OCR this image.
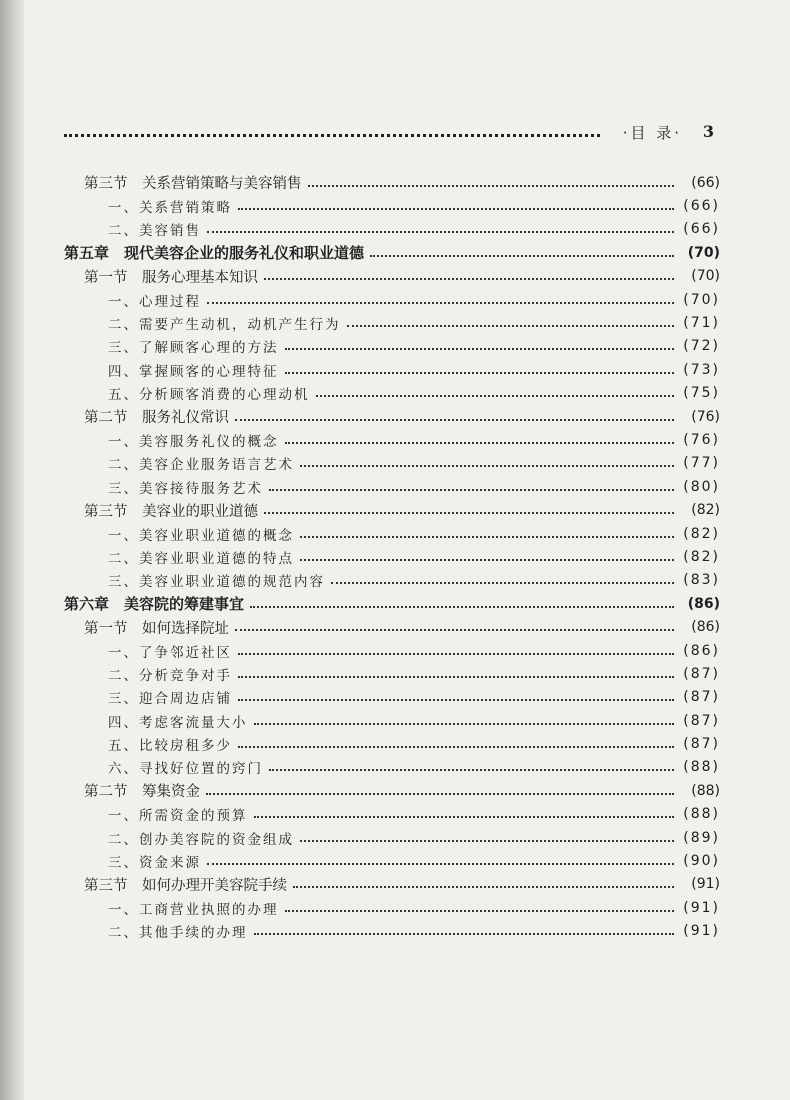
·目 录· 3
第三节　关系营销策略与美容销售	(66)
一、关系营销策略	(66)
二、美容销售	(66)
第五章　现代美容企业的服务礼仪和职业道德	(70)
第一节　服务心理基本知识	(70)
一、心理过程	(70)
二、需要产生动机，动机产生行为	(71)
三、了解顾客心理的方法	(72)
四、掌握顾客的心理特征	(73)
五、分析顾客消费的心理动机	(75)
第二节　服务礼仪常识	(76)
一、美容服务礼仪的概念	(76)
二、美容企业服务语言艺术	(77)
三、美容接待服务艺术	(80)
第三节　美容业的职业道德	(82)
一、美容业职业道德的概念	(82)
二、美容业职业道德的特点	(82)
三、美容业职业道德的规范内容	(83)
第六章　美容院的筹建事宜	(86)
第一节　如何选择院址	(86)
一、了争邻近社区	(86)
二、分析竞争对手	(87)
三、迎合周边店铺	(87)
四、考虑客流量大小	(87)
五、比较房租多少	(87)
六、寻找好位置的窍门	(88)
第二节　筹集资金	(88)
一、所需资金的预算	(88)
二、创办美容院的资金组成	(89)
三、资金来源	(90)
第三节　如何办理开美容院手续	(91)
一、工商营业执照的办理	(91)
二、其他手续的办理	(91)
